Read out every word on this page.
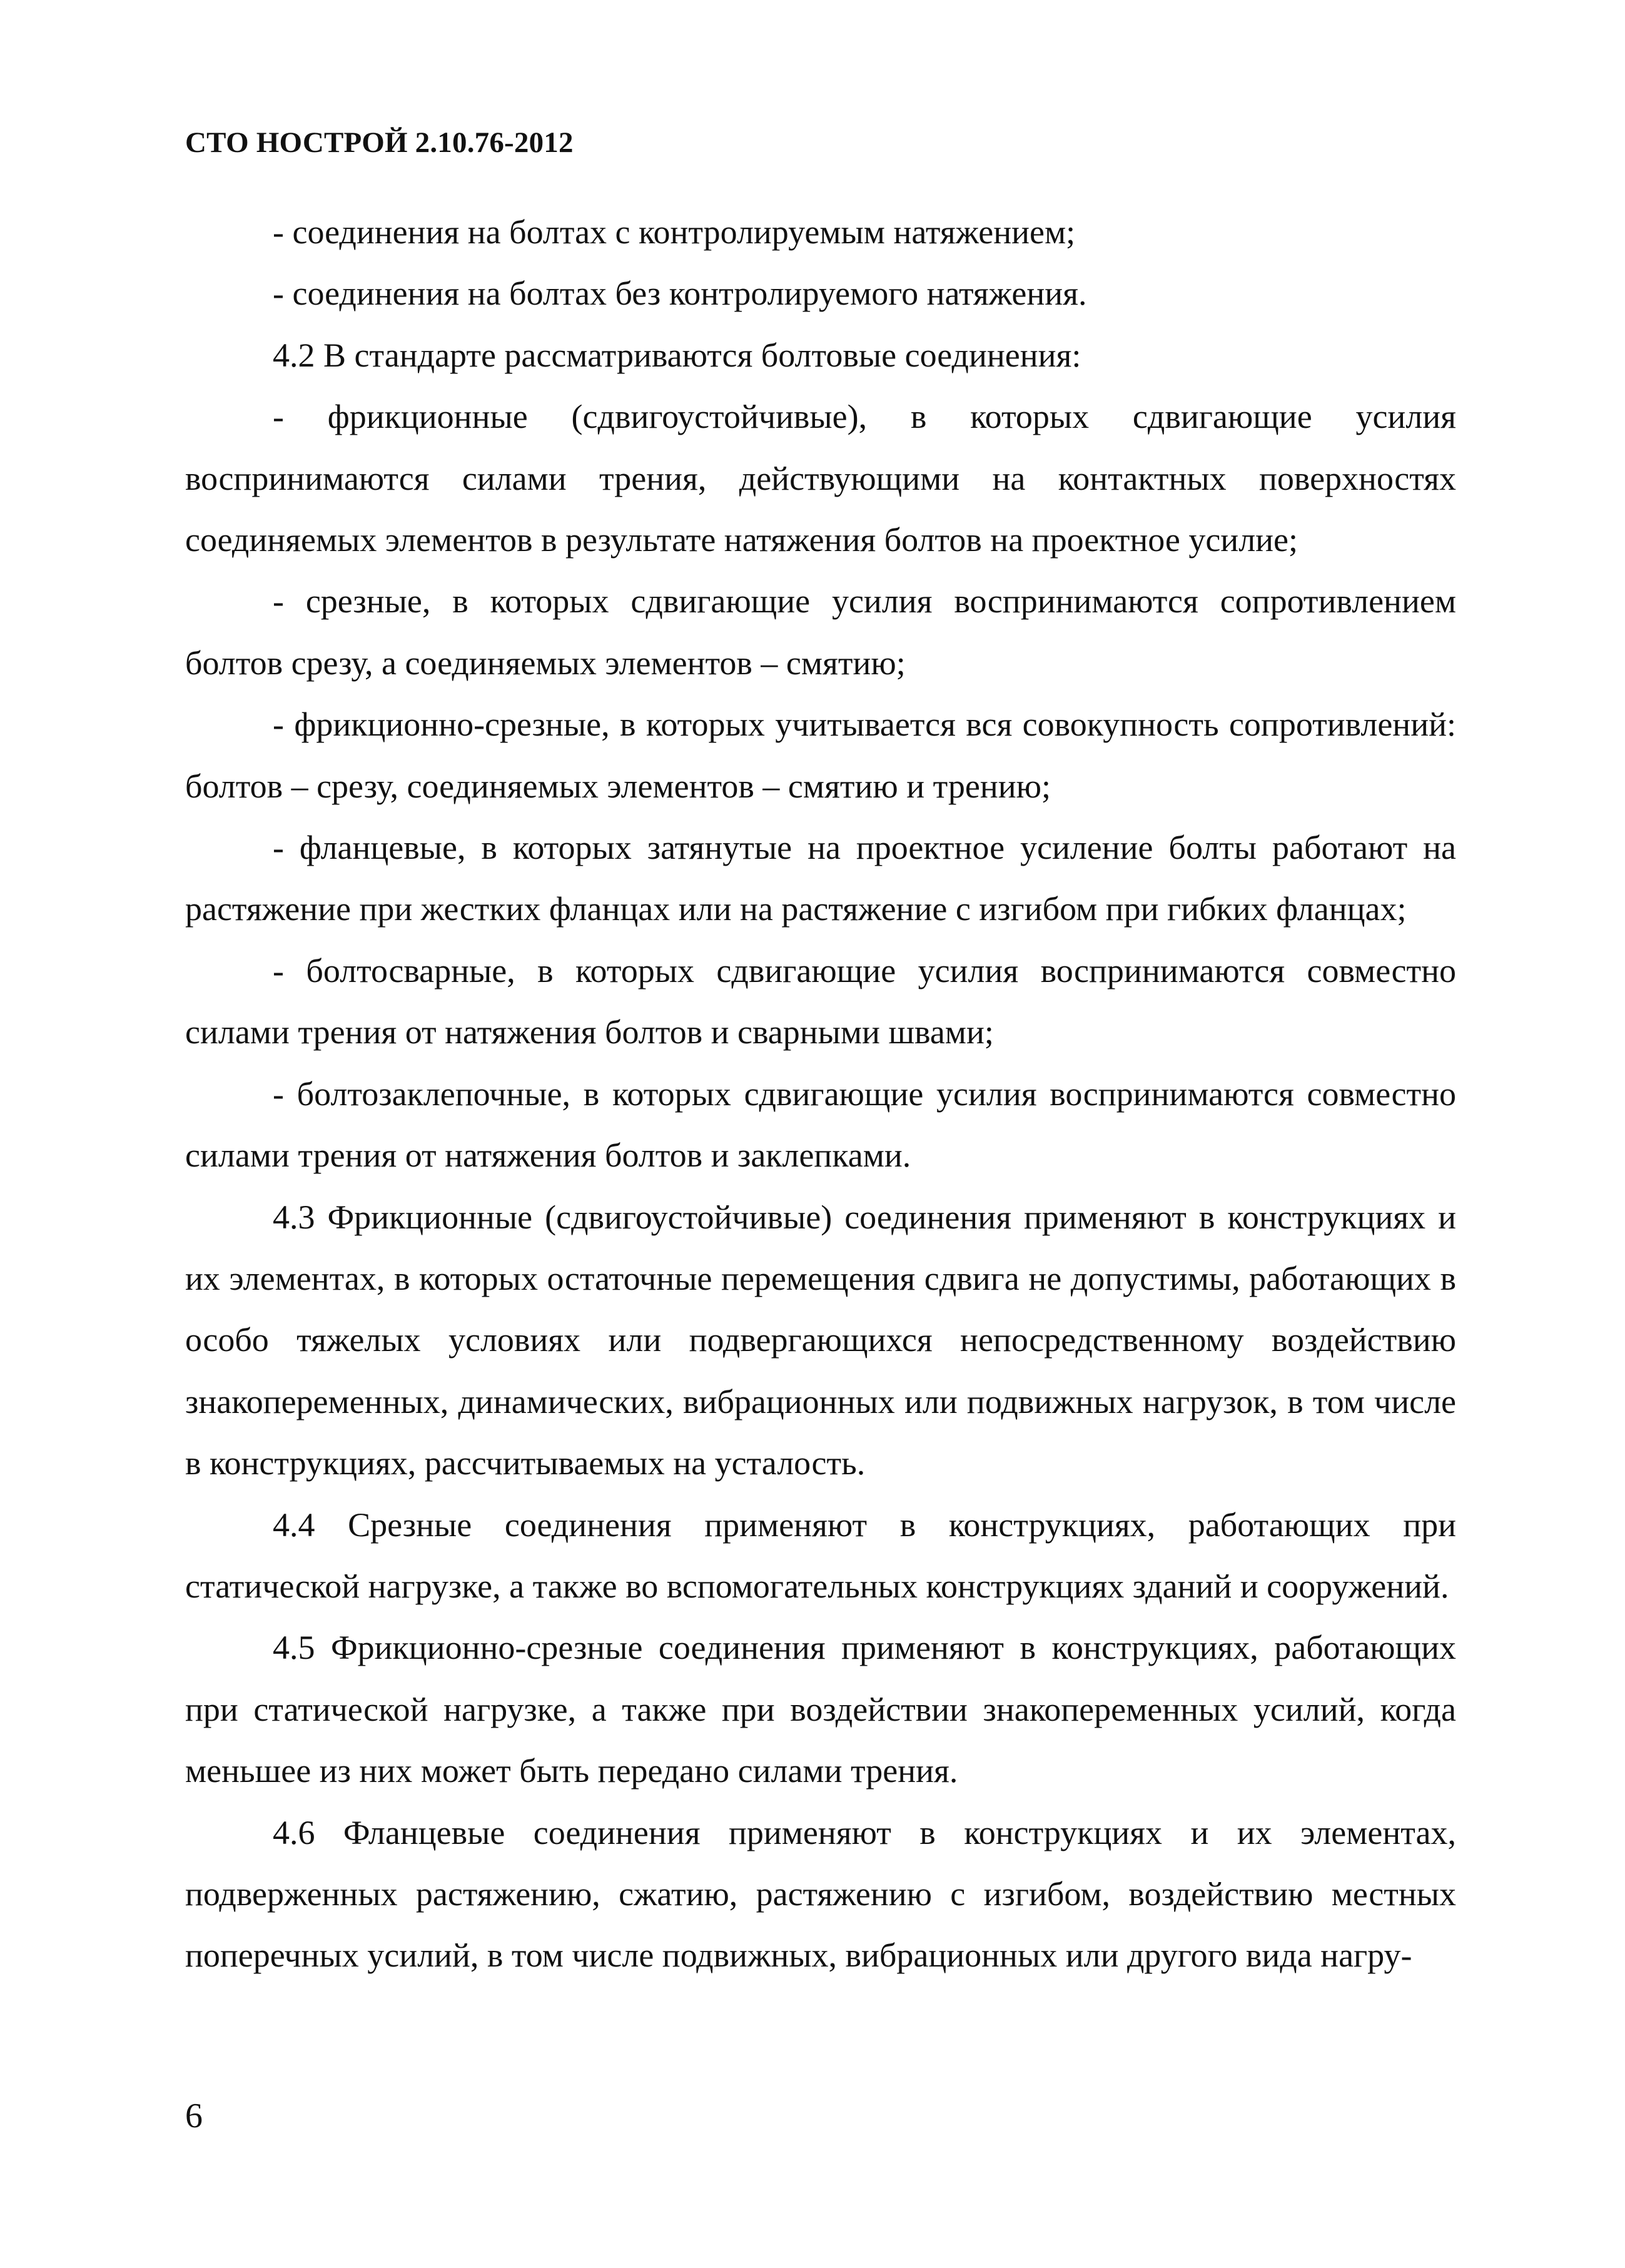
СТО НОСТРОЙ 2.10.76-2012

- соединения на болтах с контролируемым натяжением;

- соединения на болтах без контролируемого натяжения.

4.2 В стандарте рассматриваются болтовые соединения:

- фрикционные (сдвигоустойчивые), в которых сдвигающие усилия воспринимаются силами трения, действующими на контактных поверхностях соединяемых элементов в результате натяжения болтов на проектное усилие;

- срезные, в которых сдвигающие усилия воспринимаются сопротивлением болтов срезу, а соединяемых элементов – смятию;

- фрикционно-срезные, в которых учитывается вся совокупность сопротивлений: болтов – срезу, соединяемых элементов – смятию и трению;

- фланцевые, в которых затянутые на проектное усиление болты работают на растяжение при жестких фланцах или на растяжение с изгибом при гибких фланцах;

- болтосварные, в которых сдвигающие усилия воспринимаются совместно силами трения от натяжения болтов и сварными швами;

- болтозаклепочные, в которых сдвигающие усилия воспринимаются совместно силами трения от натяжения болтов и заклепками.

4.3 Фрикционные (сдвигоустойчивые) соединения применяют в конструкциях и их элементах, в которых остаточные перемещения сдвига не допустимы, работающих в особо тяжелых условиях или подвергающихся непосредственному воздействию знакопеременных, динамических, вибрационных или подвижных нагрузок, в том числе в конструкциях, рассчитываемых на усталость.

4.4 Срезные соединения применяют в конструкциях, работающих при статической нагрузке, а также во вспомогательных конструкциях зданий и сооружений.

4.5 Фрикционно-срезные соединения применяют в конструкциях, работающих при статической нагрузке, а также при воздействии знакопеременных усилий, когда меньшее из них может быть передано силами трения.

4.6 Фланцевые соединения применяют в конструкциях и их элементах, подверженных растяжению, сжатию, растяжению с изгибом, воздействию местных поперечных усилий, в том числе подвижных, вибрационных или другого вида нагру-

6
